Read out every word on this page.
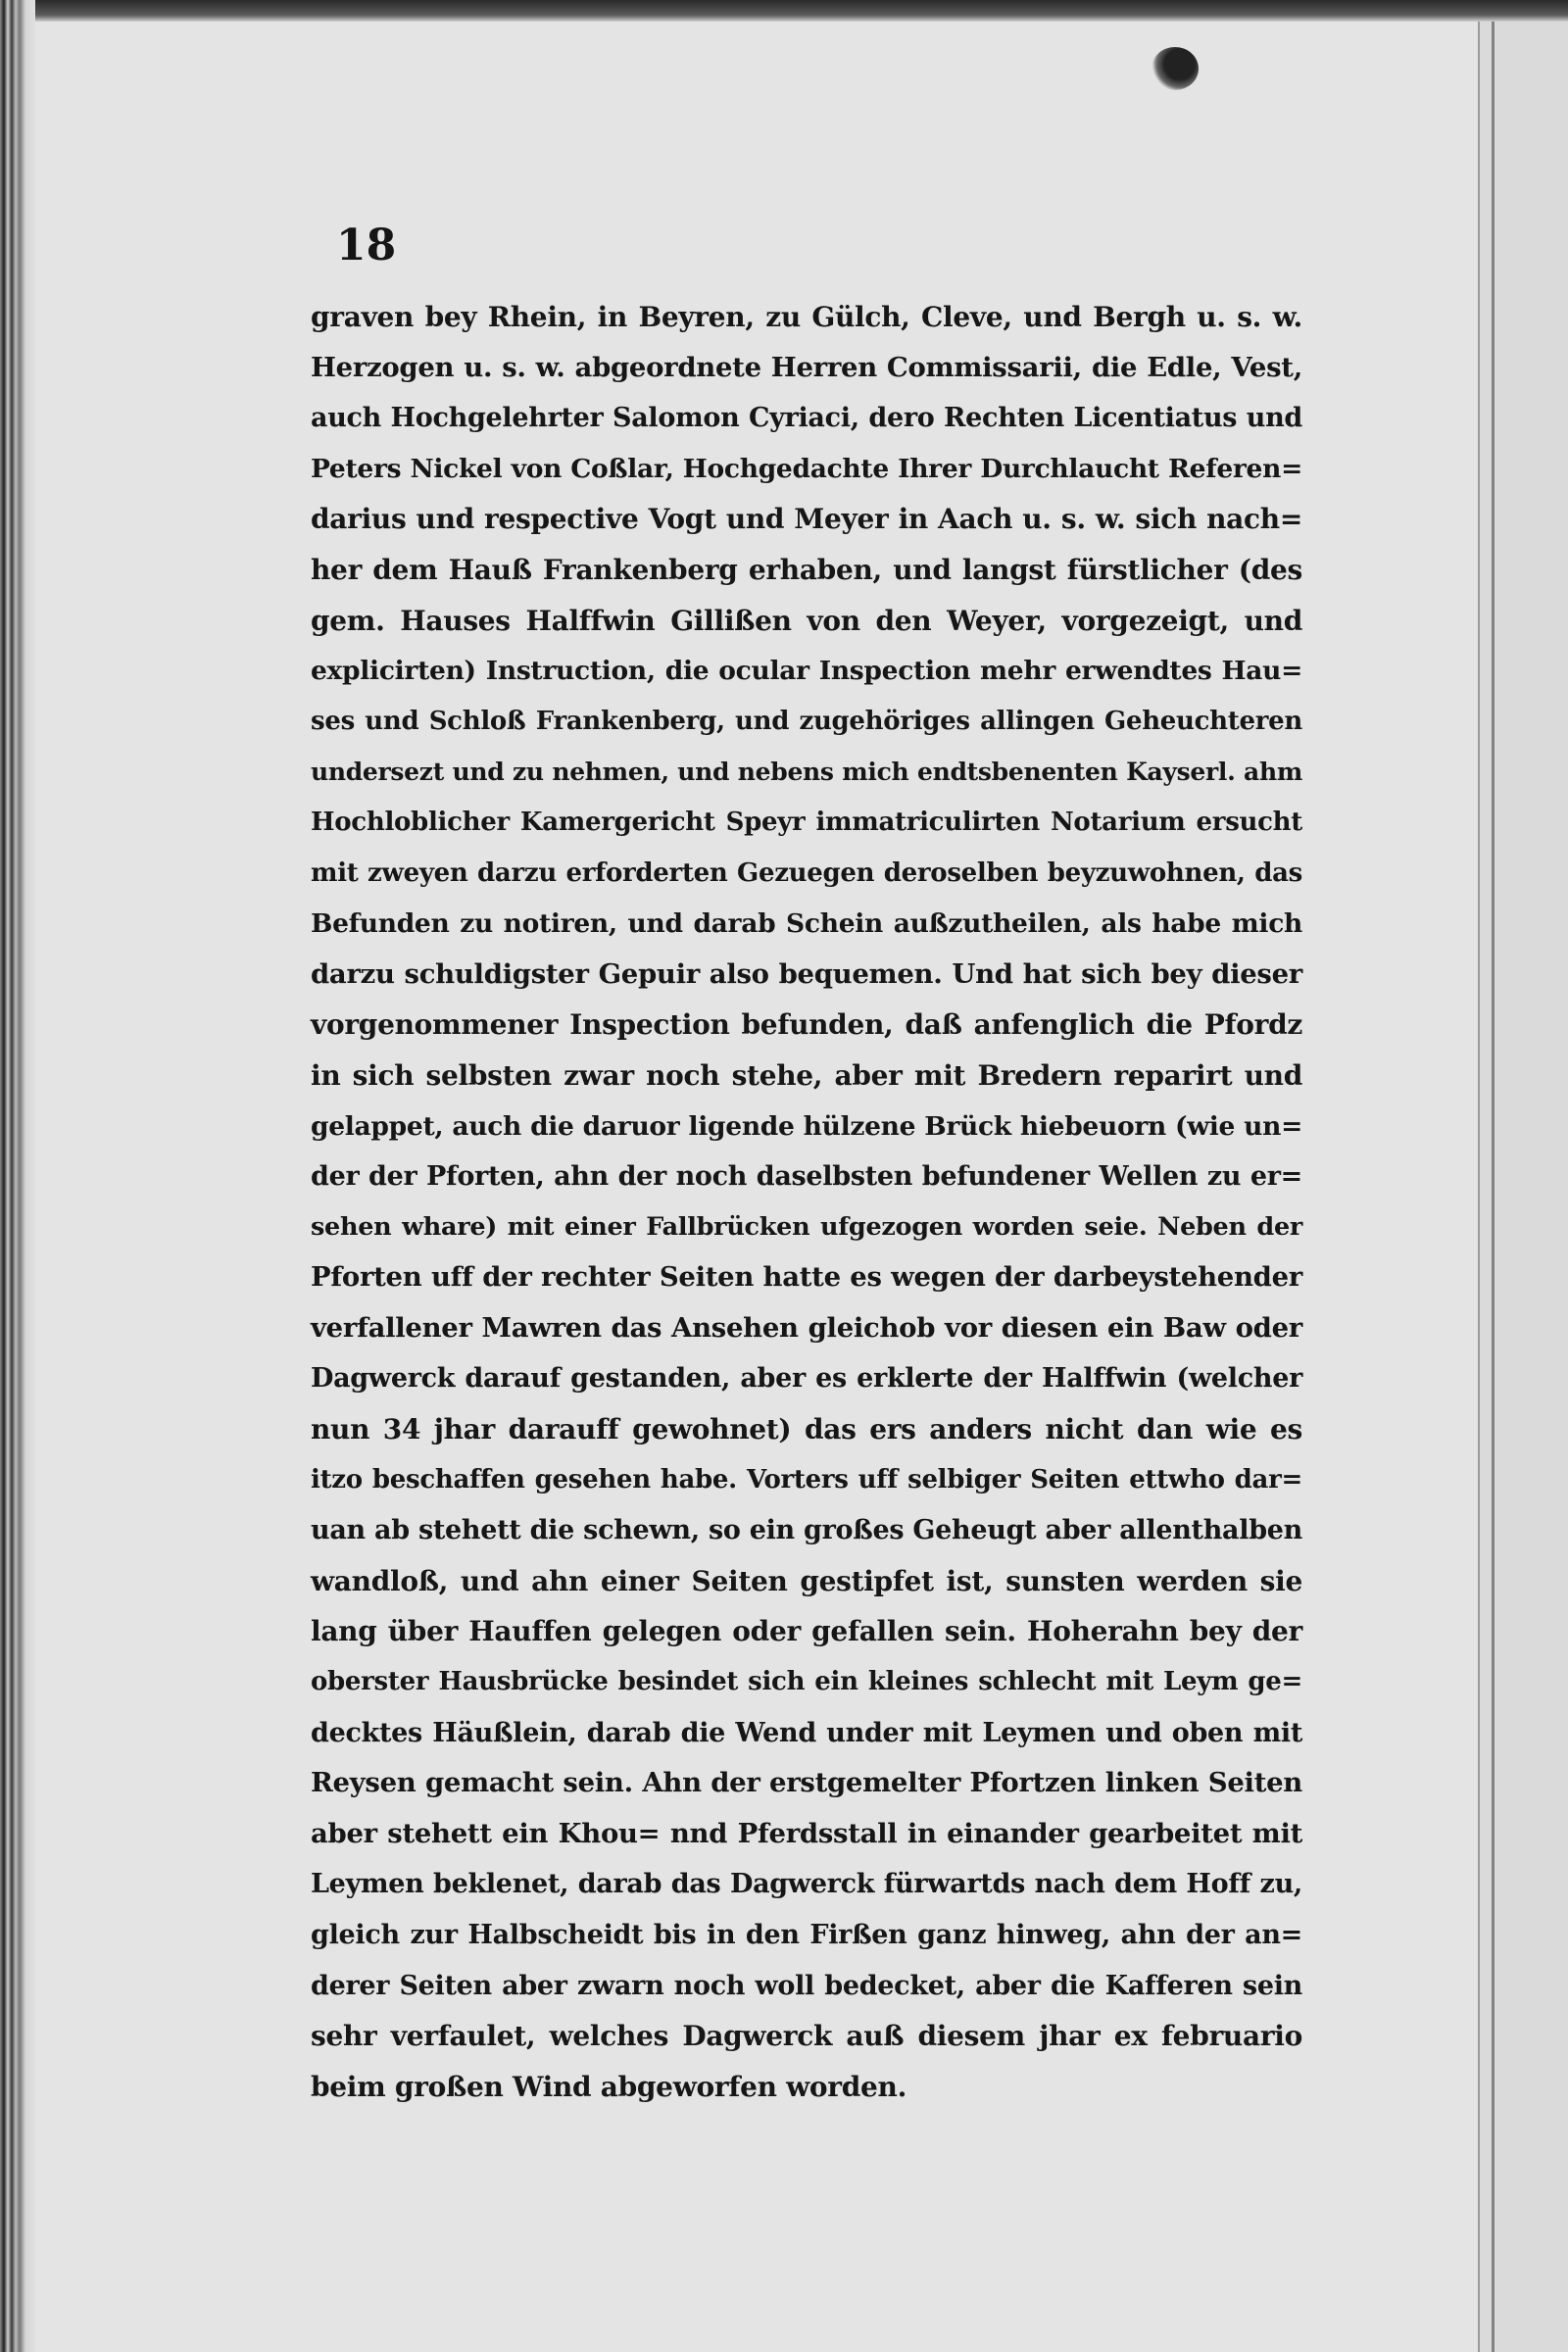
18
graven bey Rhein, in Beyren, zu Gülch, Cleve, und Bergh u. s. w.
Herzogen u. s. w. abgeordnete Herren Commissarii, die Edle, Vest,
auch Hochgelehrter Salomon Cyriaci, dero Rechten Licentiatus und
Peters Nickel von Coßlar, Hochgedachte Ihrer Durchlaucht Referen=
darius und respective Vogt und Meyer in Aach u. s. w. sich nach=
her dem Hauß Frankenberg erhaben, und langst fürstlicher (des
gem. Hauses Halffwin Gillißen von den Weyer, vorgezeigt, und
explicirten) Instruction, die ocular Inspection mehr erwendtes Hau=
ses und Schloß Frankenberg, und zugehöriges allingen Geheuchteren
undersezt und zu nehmen, und nebens mich endtsbenenten Kayserl. ahm
Hochloblicher Kamergericht Speyr immatriculirten Notarium ersucht
mit zweyen darzu erforderten Gezuegen deroselben beyzuwohnen, das
Befunden zu notiren, und darab Schein außzutheilen, als habe mich
darzu schuldigster Gepuir also bequemen. Und hat sich bey dieser
vorgenommener Inspection befunden, daß anfenglich die Pfordz
in sich selbsten zwar noch stehe, aber mit Bredern reparirt und
gelappet, auch die daruor ligende hülzene Brück hiebeuorn (wie un=
der der Pforten, ahn der noch daselbsten befundener Wellen zu er=
sehen whare) mit einer Fallbrücken ufgezogen worden seie. Neben der
Pforten uff der rechter Seiten hatte es wegen der darbeystehender
verfallener Mawren das Ansehen gleichob vor diesen ein Baw oder
Dagwerck darauf gestanden, aber es erklerte der Halffwin (welcher
nun 34 jhar darauff gewohnet) das ers anders nicht dan wie es
itzo beschaffen gesehen habe. Vorters uff selbiger Seiten ettwho dar=
uan ab stehett die schewn, so ein großes Geheugt aber allenthalben
wandloß, und ahn einer Seiten gestipfet ist, sunsten werden sie
lang über Hauffen gelegen oder gefallen sein. Hoherahn bey der
oberster Hausbrücke besindet sich ein kleines schlecht mit Leym ge=
decktes Häußlein, darab die Wend under mit Leymen und oben mit
Reysen gemacht sein. Ahn der erstgemelter Pfortzen linken Seiten
aber stehett ein Khou= nnd Pferdsstall in einander gearbeitet mit
Leymen beklenet, darab das Dagwerck fürwartds nach dem Hoff zu,
gleich zur Halbscheidt bis in den Firßen ganz hinweg, ahn der an=
derer Seiten aber zwarn noch woll bedecket, aber die Kafferen sein
sehr verfaulet, welches Dagwerck auß diesem jhar ex februario
beim großen Wind abgeworfen worden.
